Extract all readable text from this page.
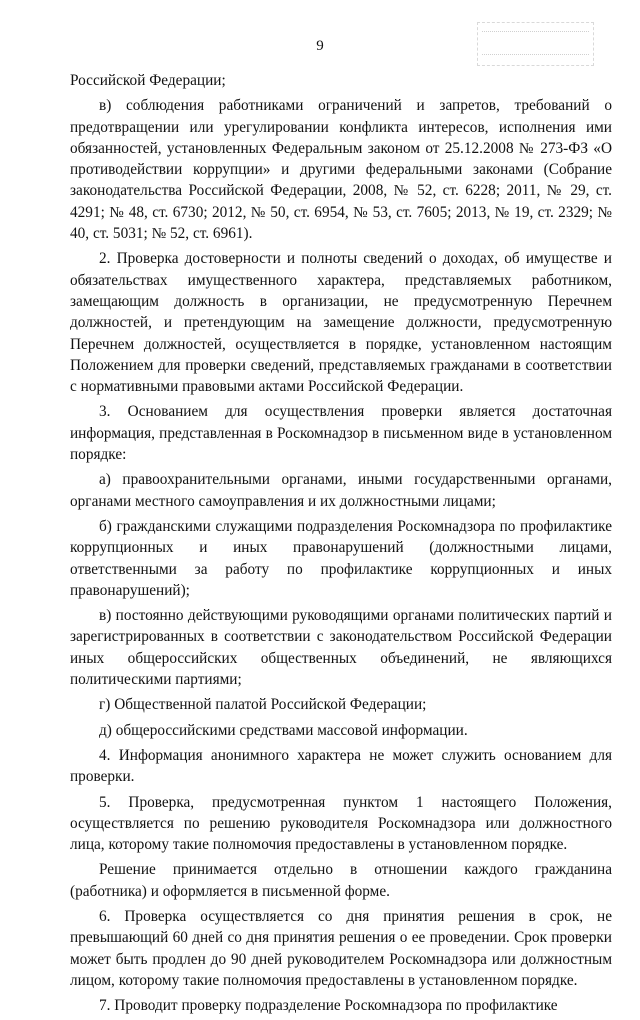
9

Российской Федерации;

в) соблюдения работниками ограничений и запретов, требований о предотвращении или урегулировании конфликта интересов, исполнения ими обязанностей, установленных Федеральным законом от 25.12.2008 № 273-ФЗ «О противодействии коррупции» и другими федеральными законами (Собрание законодательства Российской Федерации, 2008, № 52, ст. 6228; 2011, № 29, ст. 4291; № 48, ст. 6730; 2012, № 50, ст. 6954, № 53, ст. 7605; 2013, № 19, ст. 2329; № 40, ст. 5031; № 52, ст. 6961).

2. Проверка достоверности и полноты сведений о доходах, об имуществе и обязательствах имущественного характера, представляемых работником, замещающим должность в организации, не предусмотренную Перечнем должностей, и претендующим на замещение должности, предусмотренную Перечнем должностей, осуществляется в порядке, установленном настоящим Положением для проверки сведений, представляемых гражданами в соответствии с нормативными правовыми актами Российской Федерации.

3. Основанием для осуществления проверки является достаточная информация, представленная в Роскомнадзор в письменном виде в установленном порядке:

а) правоохранительными органами, иными государственными органами, органами местного самоуправления и их должностными лицами;

б) гражданскими служащими подразделения Роскомнадзора по профилактике коррупционных и иных правонарушений (должностными лицами, ответственными за работу по профилактике коррупционных и иных правонарушений);

в) постоянно действующими руководящими органами политических партий и зарегистрированных в соответствии с законодательством Российской Федерации иных общероссийских общественных объединений, не являющихся политическими партиями;

г) Общественной палатой Российской Федерации;

д) общероссийскими средствами массовой информации.

4. Информация анонимного характера не может служить основанием для проверки.

5. Проверка, предусмотренная пунктом 1 настоящего Положения, осуществляется по решению руководителя Роскомнадзора или должностного лица, которому такие полномочия предоставлены в установленном порядке.

Решение принимается отдельно в отношении каждого гражданина (работника) и оформляется в письменной форме.

6. Проверка осуществляется со дня принятия решения в срок, не превышающий 60 дней со дня принятия решения о ее проведении. Срок проверки может быть продлен до 90 дней руководителем Роскомнадзора или должностным лицом, которому такие полномочия предоставлены в установленном порядке.

7. Проводит проверку подразделение Роскомнадзора по профилактике
